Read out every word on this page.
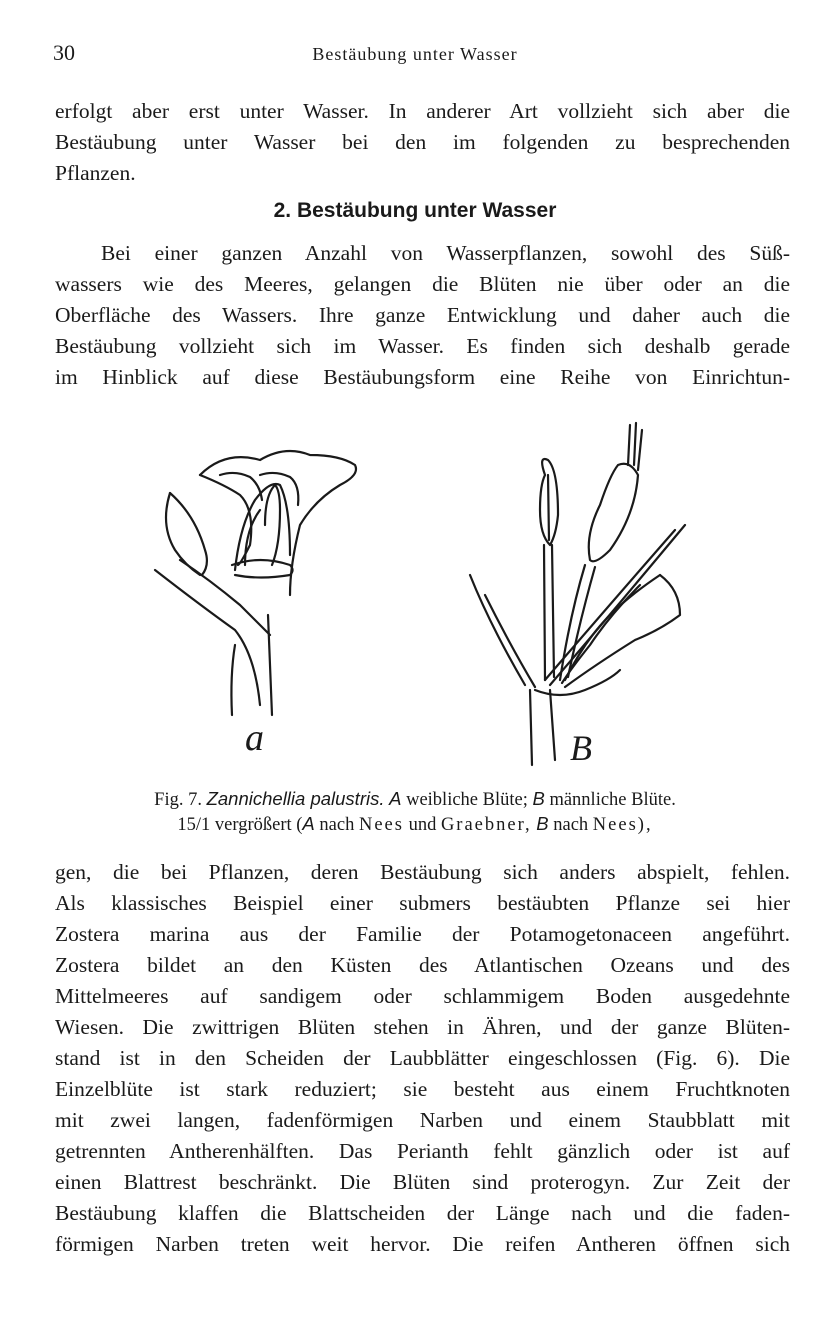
30	Bestäubung unter Wasser
erfolgt aber erst unter Wasser. In anderer Art vollzieht sich aber die
Bestäubung unter Wasser bei den im folgenden zu besprechenden
Pflanzen.
2. Bestäubung unter Wasser
Bei einer ganzen Anzahl von Wasserpflanzen, sowohl des Süß-
wassers wie des Meeres, gelangen die Blüten nie über oder an die
Oberfläche des Wassers. Ihre ganze Entwicklung und daher auch die
Bestäubung vollzieht sich im Wasser. Es finden sich deshalb gerade
im Hinblick auf diese Bestäubungsform eine Reihe von Einrichtun-
a	B
Fig. 7. Zannichellia palustris. A weibliche Blüte; B männliche Blüte.
15/1 vergrößert (A nach Nees und Graebner, B nach Nees),
gen, die bei Pflanzen, deren Bestäubung sich anders abspielt, fehlen.
Als klassisches Beispiel einer submers bestäubten Pflanze sei hier
Zostera marina aus der Familie der Potamogetonaceen angeführt.
Zostera bildet an den Küsten des Atlantischen Ozeans und des
Mittelmeeres auf sandigem oder schlammigem Boden ausgedehnte
Wiesen. Die zwittrigen Blüten stehen in Ähren, und der ganze Blüten-
stand ist in den Scheiden der Laubblätter eingeschlossen (Fig. 6). Die
Einzelblüte ist stark reduziert; sie besteht aus einem Fruchtknoten
mit zwei langen, fadenförmigen Narben und einem Staubblatt mit
getrennten Antherenhälften. Das Perianth fehlt gänzlich oder ist auf
einen Blattrest beschränkt. Die Blüten sind proterogyn. Zur Zeit der
Bestäubung klaffen die Blattscheiden der Länge nach und die faden-
förmigen Narben treten weit hervor. Die reifen Antheren öffnen sich
